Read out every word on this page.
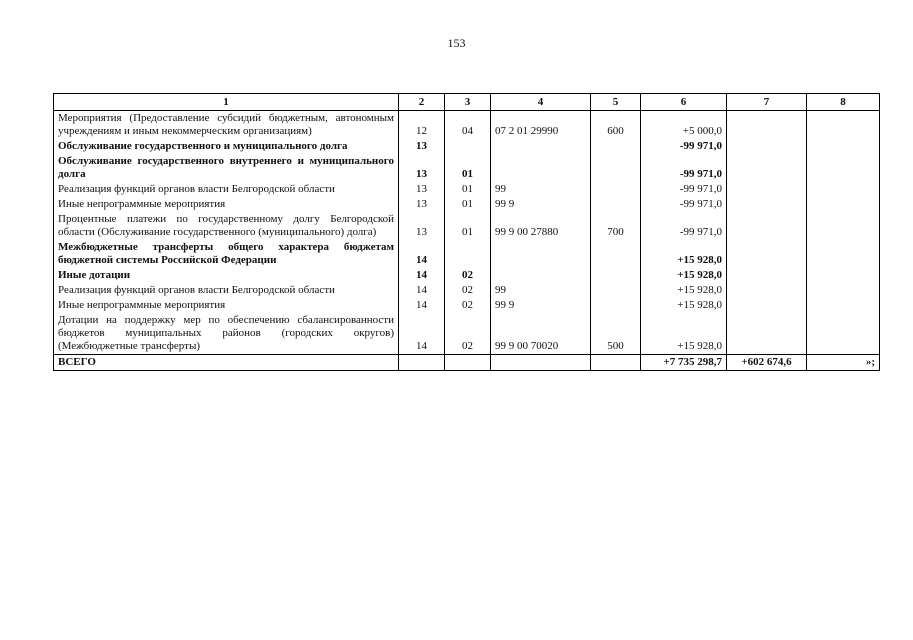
153
1	2	3	4	5	6	7	8
Мероприятия (Предоставление субсидий бюджетным, автономным учреждениям и иным некоммерческим организациям)	12	04	07 2 01 29990	600	+5 000,0		
Обслуживание государственного и муниципального долга	13				-99 971,0		
Обслуживание государственного внутреннего и муниципального долга	13	01			-99 971,0		
Реализация функций органов власти Белгородской области	13	01	99		-99 971,0		
Иные непрограммные мероприятия	13	01	99 9		-99 971,0		
Процентные платежи по государственному долгу Белгородской области (Обслуживание государственного (муниципального) долга)	13	01	99 9 00 27880	700	-99 971,0		
Межбюджетные трансферты общего характера бюджетам бюджетной системы Российской Федерации	14				+15 928,0		
Иные дотации	14	02			+15 928,0		
Реализация функций органов власти Белгородской области	14	02	99		+15 928,0		
Иные непрограммные мероприятия	14	02	99 9		+15 928,0		
Дотации на поддержку мер по обеспечению сбалансированности бюджетов муниципальных районов (городских округов) (Межбюджетные трансферты)	14	02	99 9 00 70020	500	+15 928,0		
ВСЕГО					+7 735 298,7	+602 674,6	»;
